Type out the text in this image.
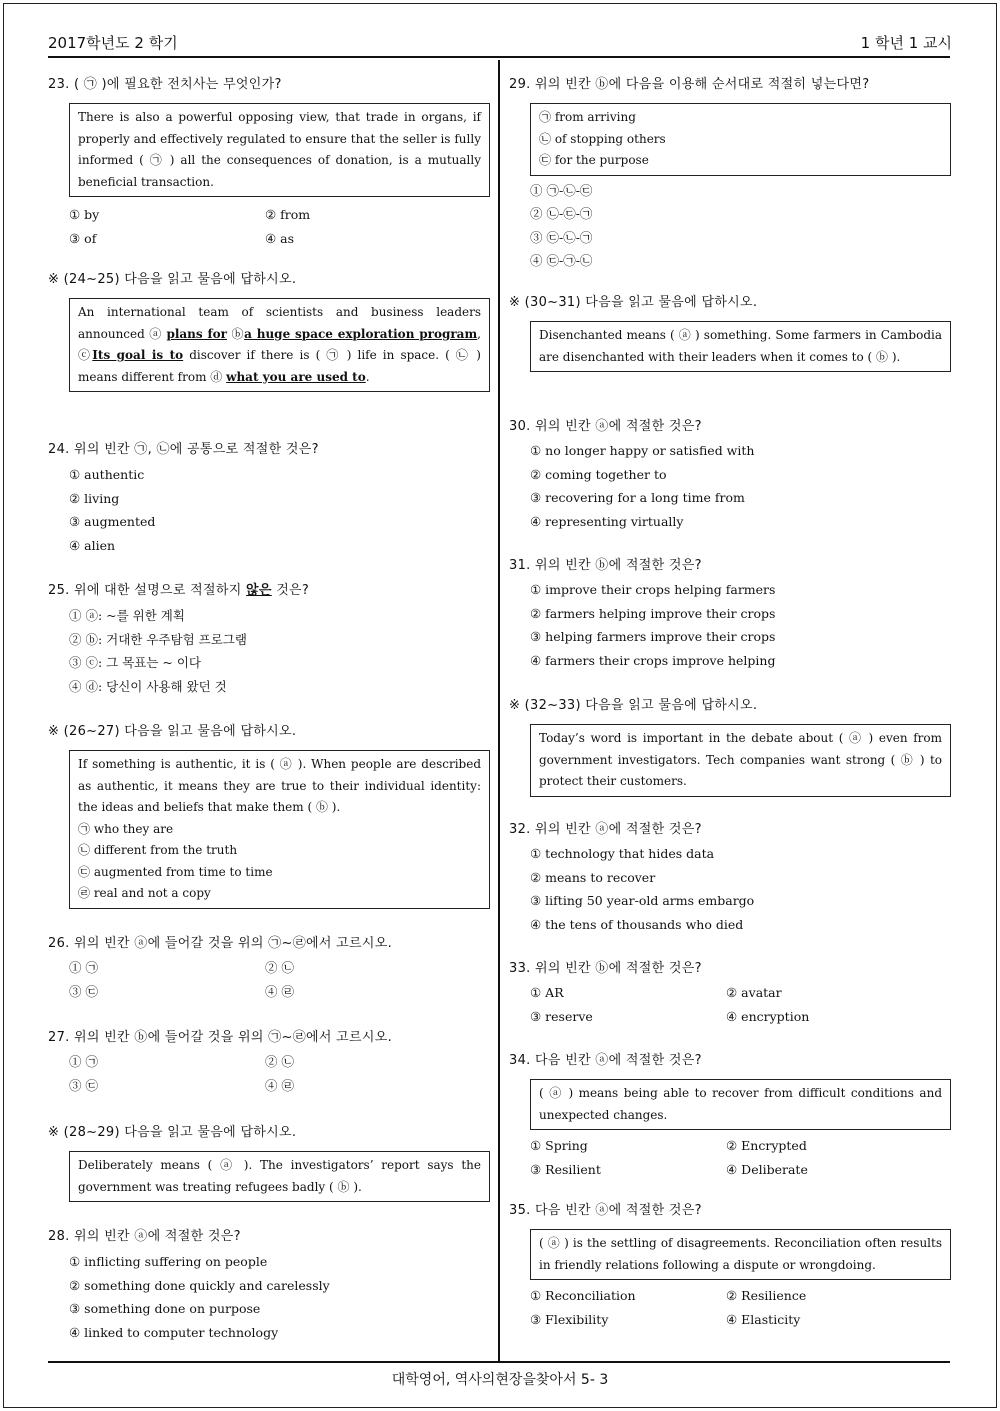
2017학년도 2 학기	1 학년 1 교시
23. ( ㉠ )에 필요한 전치사는 무엇인가?
There is also a powerful opposing view, that trade in organs, if properly and effectively regulated to ensure that the seller is fully informed ( ㉠ ) all the consequences of donation, is a mutually beneficial transaction.
① by	② from
③ of	④ as
※ (24~25) 다음을 읽고 물음에 답하시오.
An international team of scientists and business leaders announced ⓐ plans for ⓑa huge space exploration program, ⓒIts goal is to discover if there is ( ㉠ ) life in space. ( ㉡ ) means different from ⓓ what you are used to.
24. 위의 빈칸 ㉠, ㉡에 공통으로 적절한 것은?
① authentic
② living
③ augmented
④ alien
25. 위에 대한 설명으로 적절하지 않은 것은?
① ⓐ: ~를 위한 계획
② ⓑ: 거대한 우주탐험 프로그램
③ ⓒ: 그 목표는 ~ 이다
④ ⓓ: 당신이 사용해 왔던 것
※ (26~27) 다음을 읽고 물음에 답하시오.
If something is authentic, it is ( ⓐ ). When people are described as authentic, it means they are true to their individual identity: the ideas and beliefs that make them ( ⓑ ).
㉠ who they are
㉡ different from the truth
㉢ augmented from time to time
㉣ real and not a copy
26. 위의 빈칸 ⓐ에 들어갈 것을 위의 ㉠~㉣에서 고르시오.
① ㉠	② ㉡
③ ㉢	④ ㉣
27. 위의 빈칸 ⓑ에 들어갈 것을 위의 ㉠~㉣에서 고르시오.
① ㉠	② ㉡
③ ㉢	④ ㉣
※ (28~29) 다음을 읽고 물음에 답하시오.
Deliberately means ( ⓐ ). The investigators’ report says the government was treating refugees badly ( ⓑ ).
28. 위의 빈칸 ⓐ에 적절한 것은?
① inflicting suffering on people
② something done quickly and carelessly
③ something done on purpose
④ linked to computer technology
29. 위의 빈칸 ⓑ에 다음을 이용해 순서대로 적절히 넣는다면?
㉠ from arriving
㉡ of stopping others
㉢ for the purpose
① ㉠-㉡-㉢
② ㉡-㉢-㉠
③ ㉢-㉡-㉠
④ ㉢-㉠-㉡
※ (30~31) 다음을 읽고 물음에 답하시오.
Disenchanted means ( ⓐ ) something. Some farmers in Cambodia are disenchanted with their leaders when it comes to ( ⓑ ).
30. 위의 빈칸 ⓐ에 적절한 것은?
① no longer happy or satisfied with
② coming together to
③ recovering for a long time from
④ representing virtually
31. 위의 빈칸 ⓑ에 적절한 것은?
① improve their crops helping farmers
② farmers helping improve their crops
③ helping farmers improve their crops
④ farmers their crops improve helping
※ (32~33) 다음을 읽고 물음에 답하시오.
Today’s word is important in the debate about ( ⓐ ) even from government investigators. Tech companies want strong ( ⓑ ) to protect their customers.
32. 위의 빈칸 ⓐ에 적절한 것은?
① technology that hides data
② means to recover
③ lifting 50 year-old arms embargo
④ the tens of thousands who died
33. 위의 빈칸 ⓑ에 적절한 것은?
① AR	② avatar
③ reserve	④ encryption
34. 다음 빈칸 ⓐ에 적절한 것은?
( ⓐ ) means being able to recover from difficult conditions and unexpected changes.
① Spring	② Encrypted
③ Resilient	④ Deliberate
35. 다음 빈칸 ⓐ에 적절한 것은?
( ⓐ ) is the settling of disagreements. Reconciliation often results in friendly relations following a dispute or wrongdoing.
① Reconciliation	② Resilience
③ Flexibility	④ Elasticity
대학영어, 역사의현장을찾아서 5- 3
